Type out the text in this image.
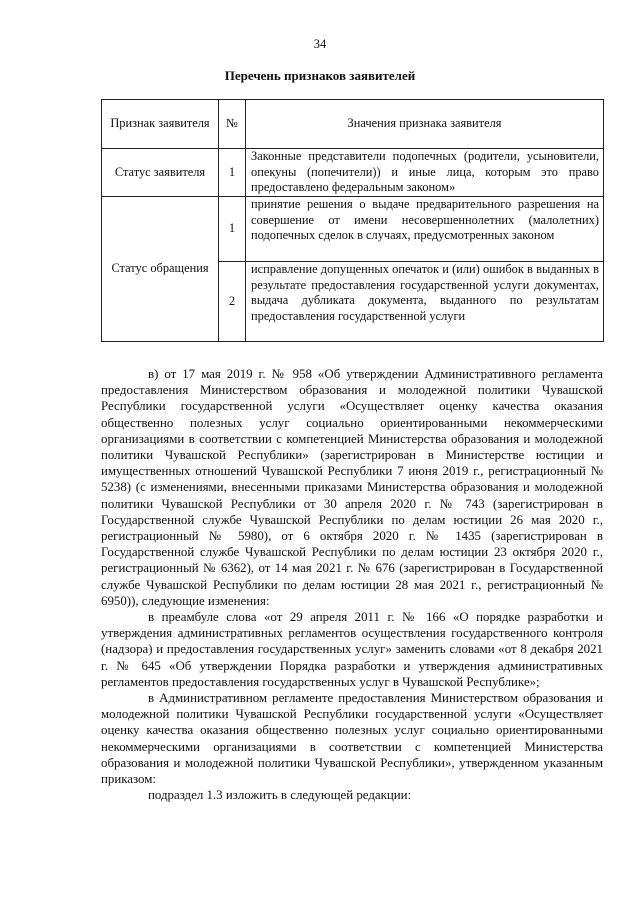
34
Перечень признаков заявителей
Признак заявителя	№	Значения признака заявителя
Статус заявителя	1	Законные представители подопечных (родители, усыновители, опекуны (попечители)) и иные лица, которым это право предоставлено федеральным законом»
Статус обращения	1	принятие решения о выдаче предварительного разрешения на совершение от имени несовершеннолетних (малолетних) подопечных сделок в случаях, предусмотренных законом
	2	исправление допущенных опечаток и (или) ошибок в выданных в результате предоставления государственной услуги документах, выдача дубликата документа, выданного по результатам предоставления государственной услуги

в) от 17 мая 2019 г. № 958 «Об утверждении Административного регламента предоставления Министерством образования и молодежной политики Чувашской Республики государственной услуги «Осуществляет оценку качества оказания общественно полезных услуг социально ориентированными некоммерческими организациями в соответствии с компетенцией Министерства образования и молодежной политики Чувашской Республики» (зарегистрирован в Министерстве юстиции и имущественных отношений Чувашской Республики 7 июня 2019 г., регистрационный № 5238) (с изменениями, внесенными приказами Министерства образования и молодежной политики Чувашской Республики от 30 апреля 2020 г. № 743 (зарегистрирован в Государственной службе Чувашской Республики по делам юстиции 26 мая 2020 г., регистрационный № 5980), от 6 октября 2020 г. № 1435 (зарегистрирован в Государственной службе Чувашской Республики по делам юстиции 23 октября 2020 г., регистрационный № 6362), от 14 мая 2021 г. № 676 (зарегистрирован в Государственной службе Чувашской Республики по делам юстиции 28 мая 2021 г., регистрационный № 6950)), следующие изменения:

в преамбуле слова «от 29 апреля 2011 г. № 166 «О порядке разработки и утверждения административных регламентов осуществления государственного контроля (надзора) и предоставления государственных услуг» заменить словами «от 8 декабря 2021 г. № 645 «Об утверждении Порядка разработки и утверждения административных регламентов предоставления государственных услуг в Чувашской Республике»;

в Административном регламенте предоставления Министерством образования и молодежной политики Чувашской Республики государственной услуги «Осуществляет оценку качества оказания общественно полезных услуг социально ориентированными некоммерческими организациями в соответствии с компетенцией Министерства образования и молодежной политики Чувашской Республики», утвержденном указанным приказом:

подраздел 1.3 изложить в следующей редакции:
